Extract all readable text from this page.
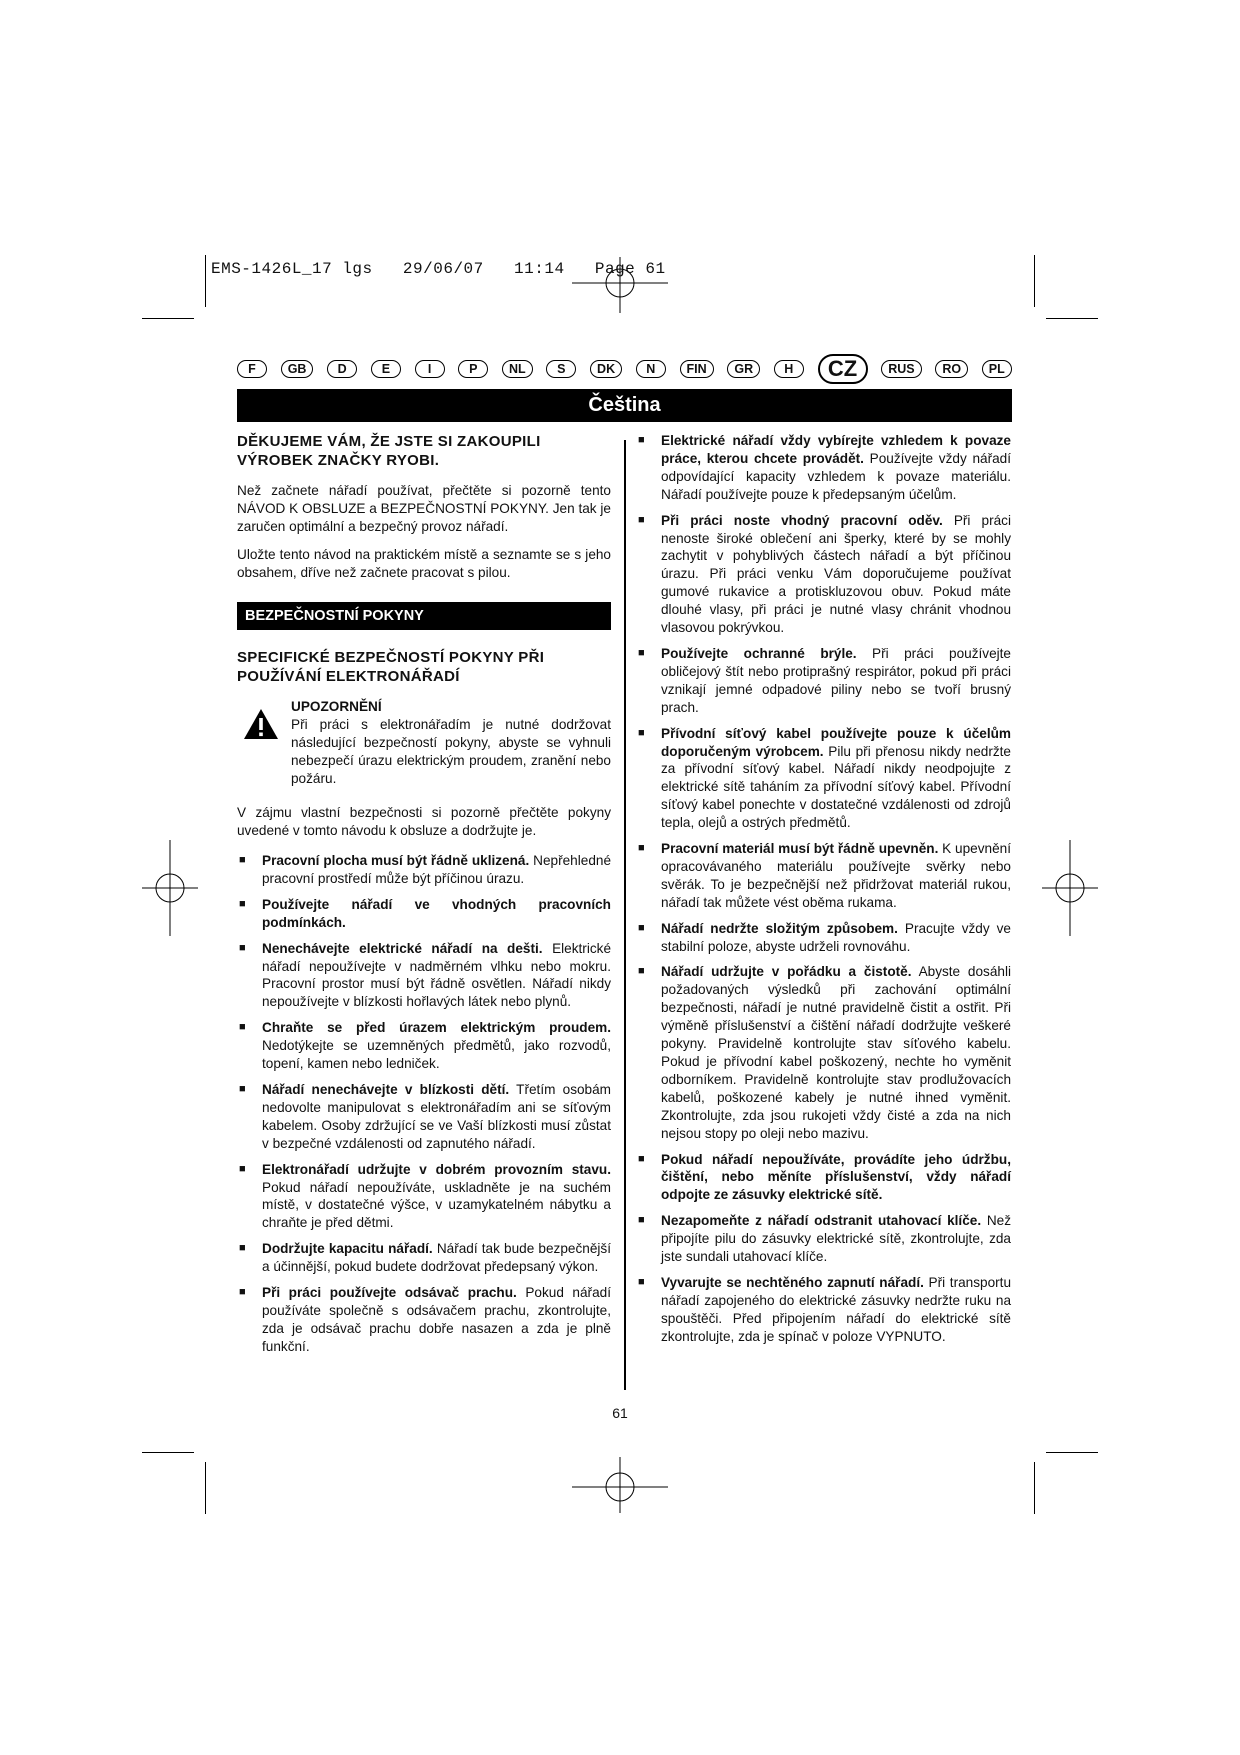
EMS-1426L_17 lgs   29/06/07   11:14   Page 61
F	GB	D	E	I	P	NL	S	DK	N	FIN	GR	H	CZ	RUS	RO	PL
Čeština
DĚKUJEME VÁM, ŽE JSTE SI ZAKOUPILI VÝROBEK ZNAČKY RYOBI.

Než začnete nářadí používat, přečtěte si pozorně tento NÁVOD K OBSLUZE a BEZPEČNOSTNÍ POKYNY. Jen tak je zaručen optimální a bezpečný provoz nářadí.

Uložte tento návod na praktickém místě a seznamte se s jeho obsahem, dříve než začnete pracovat s pilou.

BEZPEČNOSTNÍ POKYNY
SPECIFICKÉ BEZPEČNOSTÍ POKYNY PŘI POUŽÍVÁNÍ ELEKTRONÁŘADÍ
UPOZORNĚNÍ
Při práci s elektronářadím je nutné dodržovat následující bezpečností pokyny, abyste se vyhnuli nebezpečí úrazu elektrickým proudem, zranění nebo požáru.

V zájmu vlastní bezpečnosti si pozorně přečtěte pokyny uvedené v tomto návodu k obsluze a dodržujte je.

■ Pracovní plocha musí být řádně uklizená. Nepřehledné pracovní prostředí může být příčinou úrazu.
■ Používejte nářadí ve vhodných pracovních podmínkách.
■ Nenechávejte elektrické nářadí na dešti. Elektrické nářadí nepoužívejte v nadměrném vlhku nebo mokru. Pracovní prostor musí být řádně osvětlen. Nářadí nikdy nepoužívejte v blízkosti hořlavých látek nebo plynů.
■ Chraňte se před úrazem elektrickým proudem. Nedotýkejte se uzemněných předmětů, jako rozvodů, topení, kamen nebo ledniček.
■ Nářadí nenechávejte v blízkosti dětí. Třetím osobám nedovolte manipulovat s elektronářadím ani se síťovým kabelem. Osoby zdržující se ve Vaší blízkosti musí zůstat v bezpečné vzdálenosti od zapnutého nářadí.
■ Elektronářadí udržujte v dobrém provozním stavu. Pokud nářadí nepoužíváte, uskladněte je na suchém místě, v dostatečné výšce, v uzamykatelném nábytku a chraňte je před dětmi.
■ Dodržujte kapacitu nářadí. Nářadí tak bude bezpečnější a účinnější, pokud budete dodržovat předepsaný výkon.
■ Při práci používejte odsávač prachu. Pokud nářadí používáte společně s odsávačem prachu, zkontrolujte, zda je odsávač prachu dobře nasazen a zda je plně funkční.
■ Elektrické nářadí vždy vybírejte vzhledem k povaze práce, kterou chcete provádět. Používejte vždy nářadí odpovídající kapacity vzhledem k povaze materiálu. Nářadí používejte pouze k předepsaným účelům.
■ Při práci noste vhodný pracovní oděv. Při práci nenoste široké oblečení ani šperky, které by se mohly zachytit v pohyblivých částech nářadí a být příčinou úrazu. Při práci venku Vám doporučujeme používat gumové rukavice a protiskluzovou obuv. Pokud máte dlouhé vlasy, při práci je nutné vlasy chránit vhodnou vlasovou pokrývkou.
■ Používejte ochranné brýle. Při práci používejte obličejový štít nebo protiprašný respirátor, pokud při práci vznikají jemné odpadové piliny nebo se tvoří brusný prach.
■ Přívodní síťový kabel používejte pouze k účelům doporučeným výrobcem. Pilu při přenosu nikdy nedržte za přívodní síťový kabel. Nářadí nikdy neodpojujte z elektrické sítě taháním za přívodní síťový kabel. Přívodní síťový kabel ponechte v dostatečné vzdálenosti od zdrojů tepla, olejů a ostrých předmětů.
■ Pracovní materiál musí být řádně upevněn. K upevnění opracovávaného materiálu používejte svěrky nebo svěrák. To je bezpečnější než přidržovat materiál rukou, nářadí tak můžete vést oběma rukama.
■ Nářadí nedržte složitým způsobem. Pracujte vždy ve stabilní poloze, abyste udrželi rovnováhu.
■ Nářadí udržujte v pořádku a čistotě. Abyste dosáhli požadovaných výsledků při zachování optimální bezpečnosti, nářadí je nutné pravidelně čistit a ostřit. Při výměně příslušenství a čištění nářadí dodržujte veškeré pokyny. Pravidelně kontrolujte stav síťového kabelu. Pokud je přívodní kabel poškozený, nechte ho vyměnit odborníkem. Pravidelně kontrolujte stav prodlužovacích kabelů, poškozené kabely je nutné ihned vyměnit. Zkontrolujte, zda jsou rukojeti vždy čisté a zda na nich nejsou stopy po oleji nebo mazivu.
■ Pokud nářadí nepoužíváte, provádíte jeho údržbu, čištění, nebo měníte příslušenství, vždy nářadí odpojte ze zásuvky elektrické sítě.
■ Nezapomeňte z nářadí odstranit utahovací klíče. Než připojíte pilu do zásuvky elektrické sítě, zkontrolujte, zda jste sundali utahovací klíče.
■ Vyvarujte se nechtěného zapnutí nářadí. Při transportu nářadí zapojeného do elektrické zásuvky nedržte ruku na spouštěči. Před připojením nářadí do elektrické sítě zkontrolujte, zda je spínač v poloze VYPNUTO.
61
